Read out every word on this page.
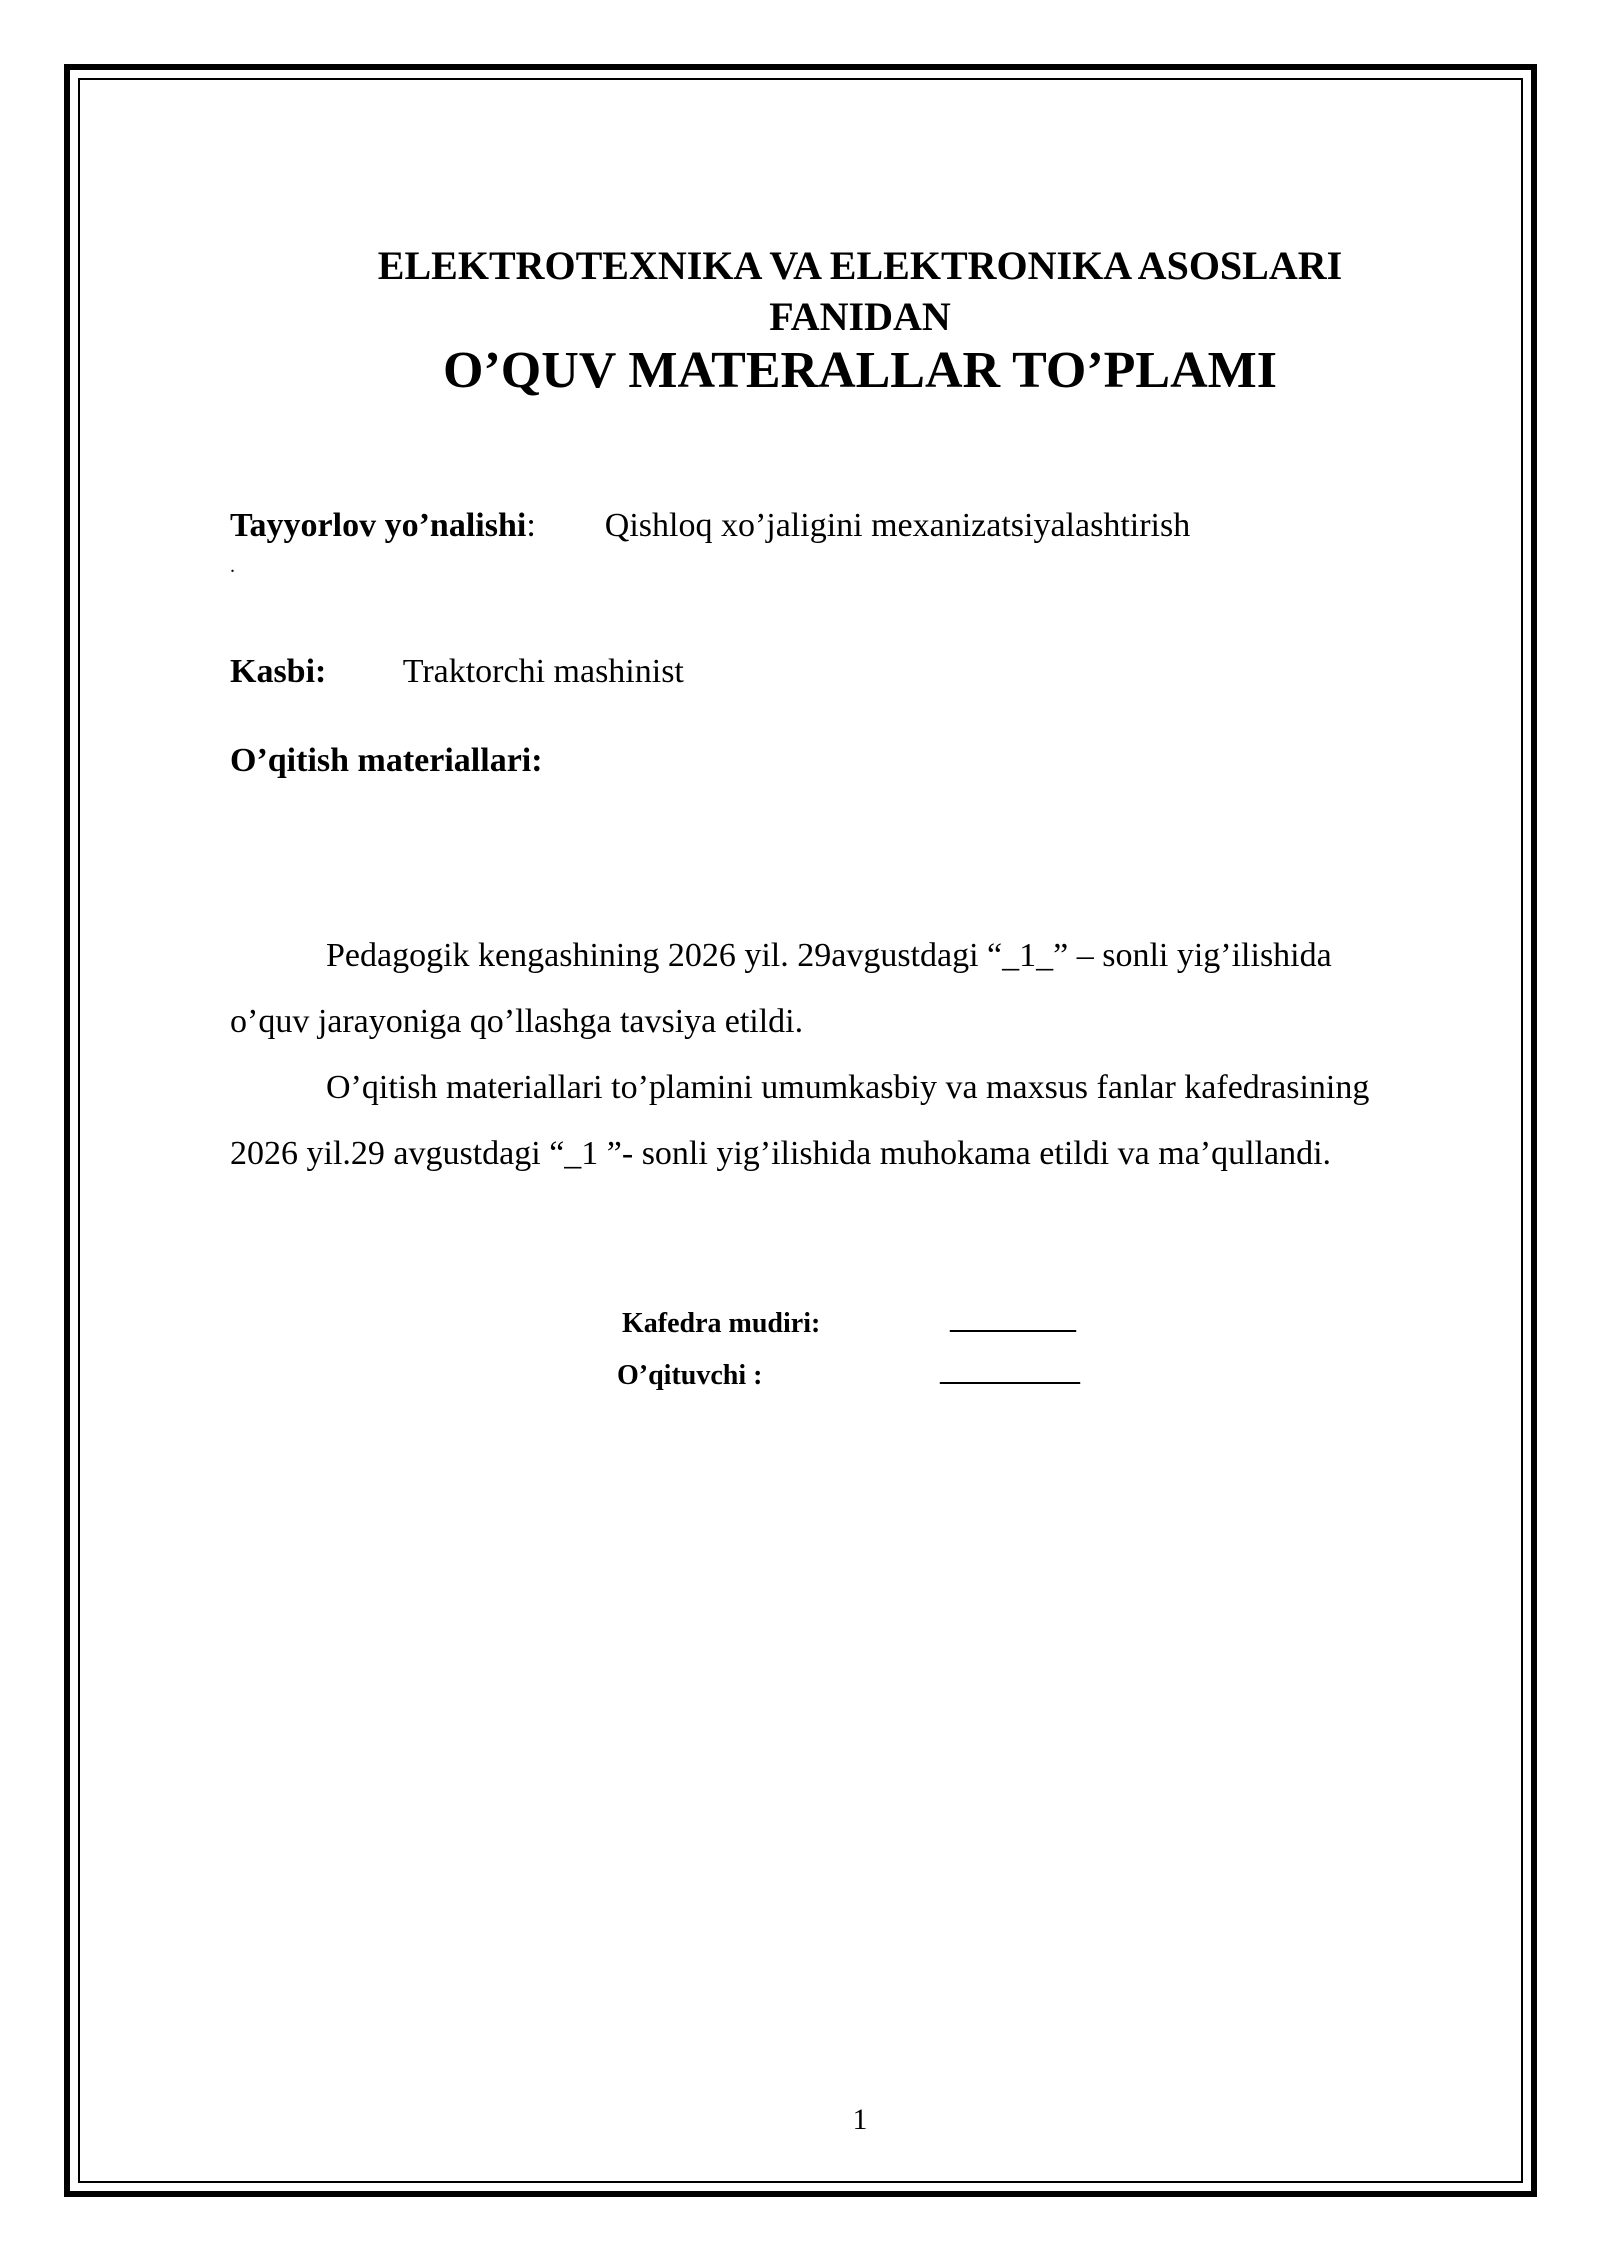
ELEKTROTEXNIKA VA ELEKTRONIKA ASOSLARI
FANIDAN
O’QUV MATERALLAR TO’PLAMI
Tayyorlov yo’nalishi: Qishloq xo’jaligini mexanizatsiyalashtirish
.
Kasbi: Traktorchi mashinist
O’qitish materiallari:
Pedagogik kengashining 2026 yil. 29avgustdagi “_1_” – sonli yig’ilishida
o’quv jarayoniga qo’llashga tavsiya etildi.
O’qitish materiallari to’plamini umumkasbiy va maxsus fanlar kafedrasining
2026 yil.29 avgustdagi “_1 ”- sonli yig’ilishida muhokama etildi va ma’qullandi.
Kafedra mudiri:	_________
O’qituvchi :	__________
1
